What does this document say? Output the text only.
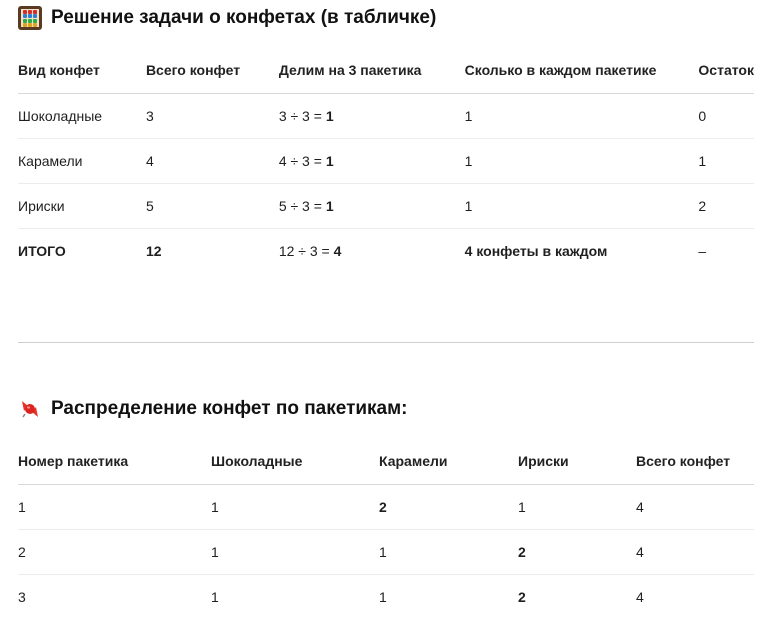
Решение задачи о конфетах (в табличке)
Вид конфет	Всего конфет	Делим на 3 пакетика	Сколько в каждом пакетике	Остаток
Шоколадные	3	3 ÷ 3 = 1	1	0
Карамели	4	4 ÷ 3 = 1	1	1
Ириски	5	5 ÷ 3 = 1	1	2
ИТОГО	12	12 ÷ 3 = 4	4 конфеты в каждом	–
Распределение конфет по пакетикам:
Номер пакетика	Шоколадные	Карамели	Ириски	Всего конфет
1	1	2	1	4
2	1	1	2	4
3	1	1	2	4
